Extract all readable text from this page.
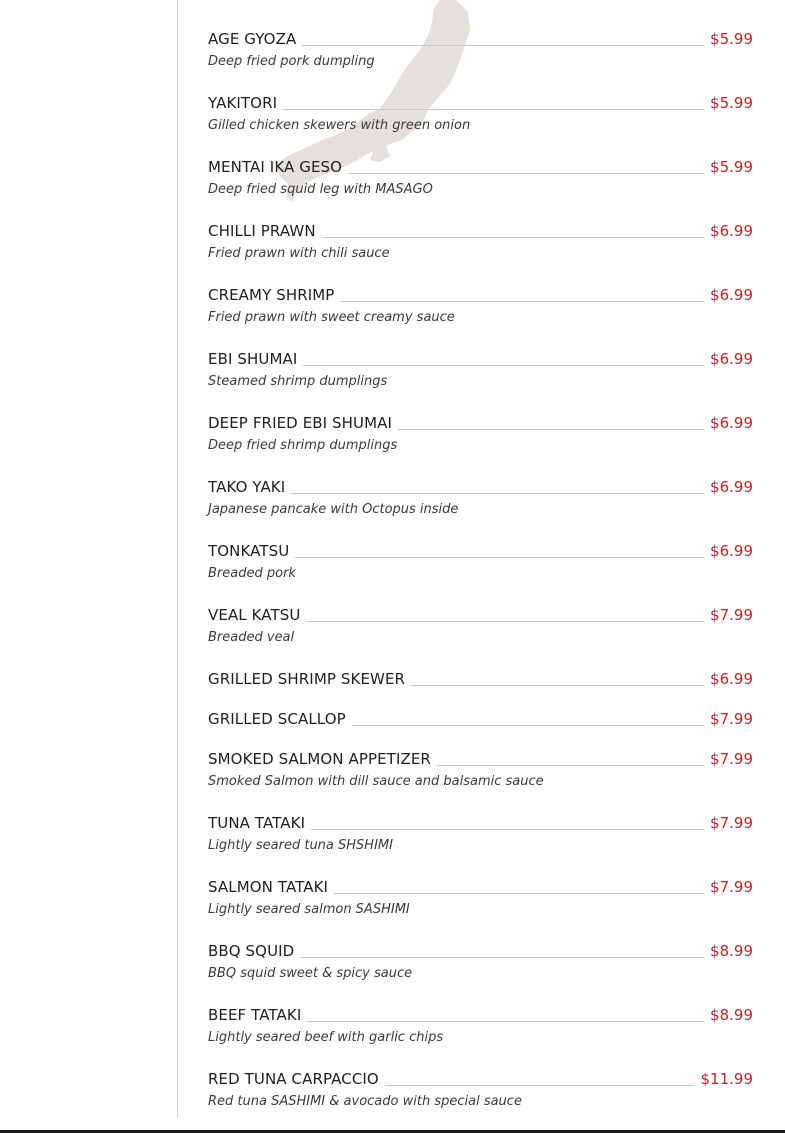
AGE GYOZA	$5.99
Deep fried pork dumpling
YAKITORI	$5.99
Gilled chicken skewers with green onion
MENTAI IKA GESO	$5.99
Deep fried squid leg with MASAGO
CHILLI PRAWN	$6.99
Fried prawn with chili sauce
CREAMY SHRIMP	$6.99
Fried prawn with sweet creamy sauce
EBI SHUMAI	$6.99
Steamed shrimp dumplings
DEEP FRIED EBI SHUMAI	$6.99
Deep fried shrimp dumplings
TAKO YAKI	$6.99
Japanese pancake with Octopus inside
TONKATSU	$6.99
Breaded pork
VEAL KATSU	$7.99
Breaded veal
GRILLED SHRIMP SKEWER	$6.99
GRILLED SCALLOP	$7.99
SMOKED SALMON APPETIZER	$7.99
Smoked Salmon with dill sauce and balsamic sauce
TUNA TATAKI	$7.99
Lightly seared tuna SHSHIMI
SALMON TATAKI	$7.99
Lightly seared salmon SASHIMI
BBQ SQUID	$8.99
BBQ squid sweet & spicy sauce
BEEF TATAKI	$8.99
Lightly seared beef with garlic chips
RED TUNA CARPACCIO	$11.99
Red tuna SASHIMI & avocado with special sauce
